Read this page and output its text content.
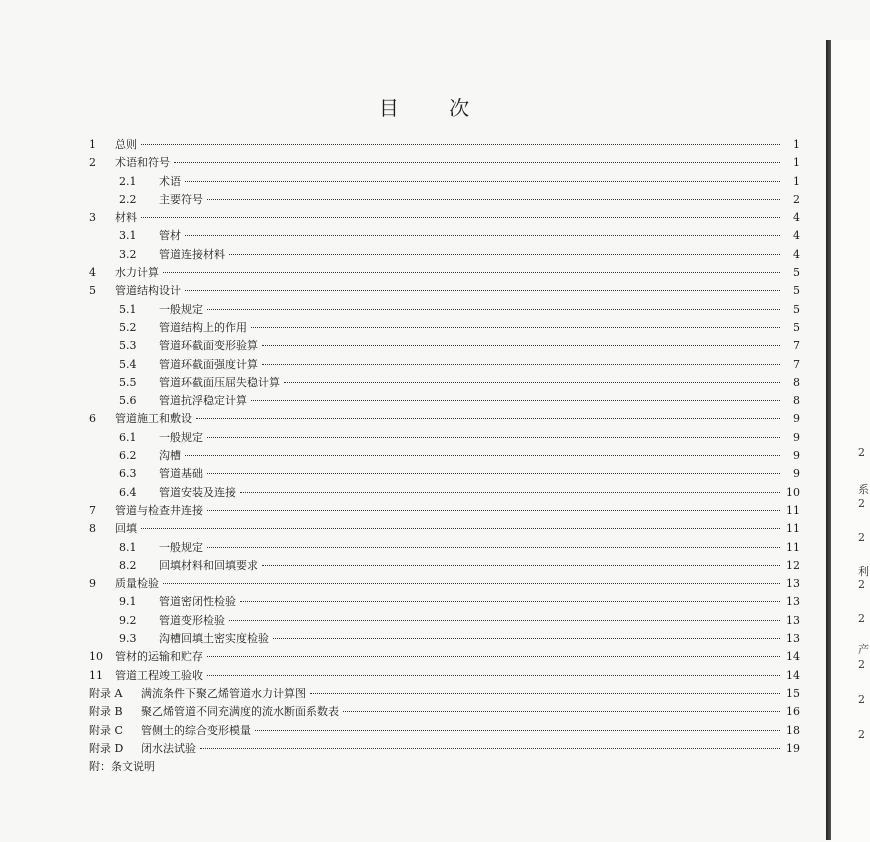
目 次
1	总则	1
2	术语和符号	1
2.1	术语	1
2.2	主要符号	2
3	材料	4
3.1	管材	4
3.2	管道连接材料	4
4	水力计算	5
5	管道结构设计	5
5.1	一般规定	5
5.2	管道结构上的作用	5
5.3	管道环截面变形验算	7
5.4	管道环截面强度计算	7
5.5	管道环截面压屈失稳计算	8
5.6	管道抗浮稳定计算	8
6	管道施工和敷设	9
6.1	一般规定	9
6.2	沟槽	9
6.3	管道基础	9
6.4	管道安装及连接	10
7	管道与检查井连接	11
8	回填	11
8.1	一般规定	11
8.2	回填材料和回填要求	12
9	质量检验	13
9.1	管道密闭性检验	13
9.2	管道变形检验	13
9.3	沟槽回填土密实度检验	13
10	管材的运输和贮存	14
11	管道工程竣工验收	14
附录 A	满流条件下聚乙烯管道水力计算图	15
附录 B	聚乙烯管道不同充满度的流水断面系数表	16
附录 C	管侧土的综合变形模量	18
附录 D	闭水法试验	19
附：条文说明
2
系
2
2
利
2
2
产
2
2
2
